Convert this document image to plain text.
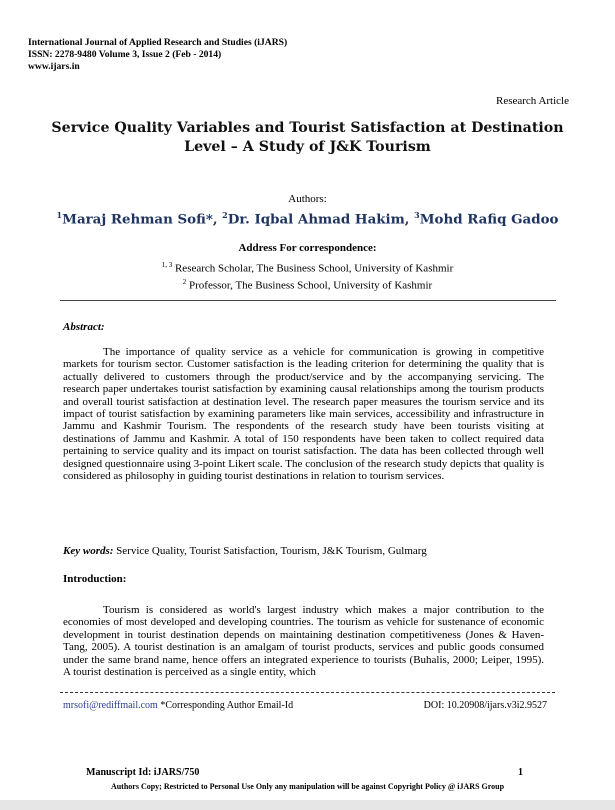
International Journal of Applied Research and Studies (iJARS)
ISSN: 2278-9480 Volume 3, Issue 2 (Feb - 2014)
www.ijars.in
Research Article
Service Quality Variables and Tourist Satisfaction at Destination
Level – A Study of J&K Tourism
Authors:
$^1$Maraj Rehman Sofi*, $^2$Dr. Iqbal Ahmad Hakim, $^3$Mohd Rafiq Gadoo
Address For correspondence:
$^{1, 3}$ Research Scholar, The Business School, University of Kashmir
$^2$ Professor, The Business School, University of Kashmir
Abstract:

The importance of quality service as a vehicle for communication is growing in competitive markets for tourism sector. Customer satisfaction is the leading criterion for determining the quality that is actually delivered to customers through the product/service and by the accompanying servicing. The research paper undertakes tourist satisfaction by examining causal relationships among the tourism products and overall tourist satisfaction at destination level. The research paper measures the tourism service and its impact of tourist satisfaction by examining parameters like main services, accessibility and infrastructure in Jammu and Kashmir Tourism. The respondents of the research study have been tourists visiting at destinations of Jammu and Kashmir. A total of 150 respondents have been taken to collect required data pertaining to service quality and its impact on tourist satisfaction. The data has been collected through well designed questionnaire using 3-point Likert scale. The conclusion of the research study depicts that quality is considered as philosophy in guiding tourist destinations in relation to tourism services.

Key words: Service Quality, Tourist Satisfaction, Tourism, J&K Tourism, Gulmarg
Introduction:

Tourism is considered as world's largest industry which makes a major contribution to the economies of most developed and developing countries. The tourism as vehicle for sustenance of economic development in tourist destination depends on maintaining destination competitiveness (Jones & Haven-Tang, 2005). A tourist destination is an amalgam of tourist products, services and public goods consumed under the same brand name, hence offers an integrated experience to tourists (Buhalis, 2000; Leiper, 1995). A tourist destination is perceived as a single entity, which

mrsofi@rediffmail.com *Corresponding Author Email-Id	DOI: 10.20908/ijars.v3i2.9527
Manuscript Id: iJARS/750	1
Authors Copy; Restricted to Personal Use Only any manipulation will be against Copyright Policy @ iJARS Group
